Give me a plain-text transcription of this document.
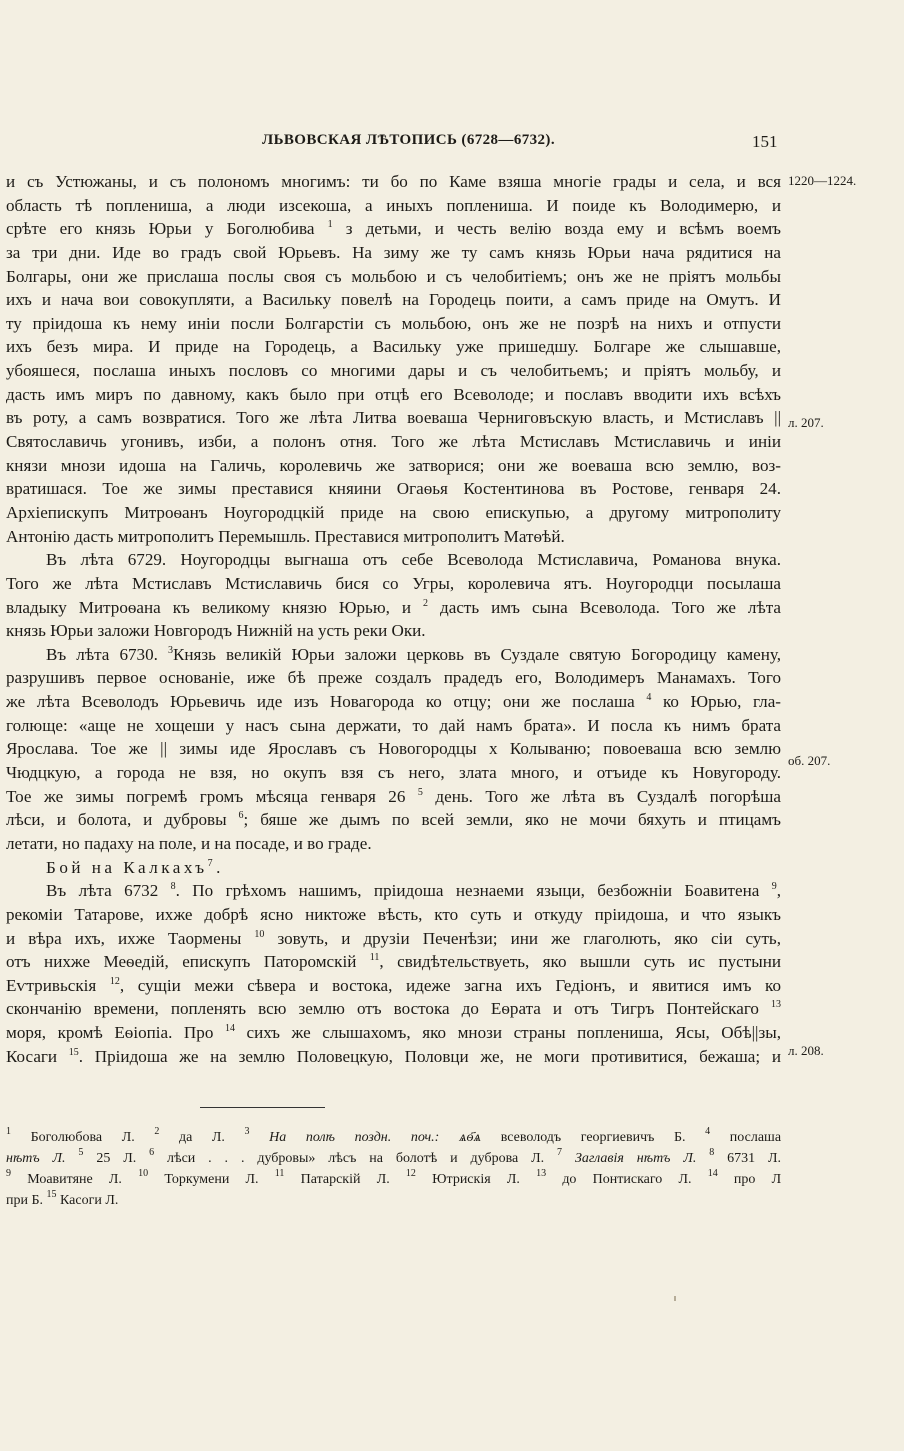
ЛЬВОВСКАЯ ЛѢТОПИСЬ (6728—6732).	151
1220—1224.
л. 207.
об. 207.
л. 208.
и съ Устюжаны, и съ полономъ многимъ: ти бо по Каме взяша многiе грады и села, и вся
область тѣ поплениша, а люди изсекоша, а иныхъ поплениша. И поиде къ Володимерю, и
срѣте его князь Юрьи у Боголюбива $^1$ з детьми, и честь велiю возда ему и всѣмъ воемъ
за три дни. Иде во градъ свой Юрьевъ. На зиму же ту самъ князь Юрьи нача рядитися на
Болгары, они же прислаша послы своя съ мольбою и съ челобитiемъ; онъ же не прiятъ мольбы
ихъ и нача вои совокупляти, а Васильку повелѣ на Городець поити, а самъ приде на Омутъ. И
ту прiидоша къ нему иніи посли Болгарстіи съ мольбою, онъ же не позрѣ на нихъ и отпусти
ихъ безъ мира. И приде на Городець, а Васильку уже пришедшу. Болгаре же слышавше,
убояшеся, послаша иныхъ пословъ со многими дары и съ челобитьемъ; и прiятъ мольбу, и
дасть имъ миръ по давному, какъ было при отцѣ его Всеволоде; и пославъ вводити ихъ всѣхъ
въ роту, а самъ возвратися. Того же лѣта Литва воеваша Черниговъскую власть, и Мстиславъ ||
Святославичь угонивъ, изби, а полонъ отня. Того же лѣта Мстиславъ Мстиславичь и иніи
князи мнози идоша на Галичь, королевичь же затворися; они же воеваша всю землю, воз-
вратишася. Тое же зимы преставися княини Огаѳья Костентинова въ Ростове, генваря 24.
Архiепискупъ Митроѳанъ Ноугородцкiй приде на свою епискупью, а другому митрополиту
Антонiю дасть митрополитъ Перемышль. Преставися митрополитъ Матѳѣй.
Въ лѣта 6729. Ноугородцы выгнаша отъ себе Всеволода Мстиславича, Романова внука.
Того же лѣта Мстиславъ Мстиславичь бися со Угры, королевича ятъ. Ноугородци посылаша
владыку Митроѳана къ великому князю Юрью, и $^2$ дасть имъ сына Всеволода. Того же лѣта
князь Юрьи заложи Новгородъ Нижнiй на усть реки Оки.
Въ лѣта 6730. $^3$Князь великiй Юрьи заложи церковь въ Суздале святую Богородицу камену,
разрушивъ первое основанiе, иже бѣ преже создалъ прадедъ его, Володимеръ Манамахъ. Того
же лѣта Всеволодъ Юрьевичь иде изъ Новагорода ко отцу; они же послаша $^4$ ко Юрью, гла-
голюще: «аще не хощеши у насъ сына держати, то дай намъ брата». И посла къ нимъ брата
Ярослава. Тое же || зимы иде Ярославъ съ Новогородцы х Колываню; повоеваша всю землю
Чюдцкую, а города не взя, но окупъ взя съ него, злата много, и отъиде къ Новугороду.
Тое же зимы погремѣ громъ мѣсяца генваря 26 $^5$ день. Того же лѣта въ Суздалѣ погорѣша
лѣси, и болота, и дубровы $^6$; бяше же дымъ по всей земли, яко не мочи бяхуть и птицамъ
летати, но падаху на поле, и на посаде, и во граде.
Бой на Калкахъ$^7$.
Въ лѣта 6732 $^8$. По грѣхомъ нашимъ, прiидоша незнаеми языци, безбожнiи Боавитена $^9$,
рекомiи Татарове, ихже добрѣ ясно никтоже вѣсть, кто суть и откуду прiидоша, и что языкъ
и вѣра ихъ, ихже Таормены $^{10}$ зовуть, и друзiи Печенѣзи; ини же глаголють, яко сiи суть,
отъ нихже Меѳедiй, епискупъ Патоpомскiй $^{11}$, свидѣтельствуеть, яко вышли суть ис пустыни
Еѵтривьскiя $^{12}$, сущiи межи сѣвера и востока, идеже загна ихъ Гедiонъ, и явитися имъ ко
скончанiю времени, попленять всю землю отъ востока до Еѳрата и отъ Тигръ Понтейскаго $^{13}$
моря, кромѣ Еѳiопiа. Про $^{14}$ сихъ же слышахомъ, яко мнози страны поплениша, Ясы, Обѣ||зы,
Косаги $^{15}$. Прiидоша же на землю Половецкую, Половци же, не моги противитися, бежаша; и
$^1$ Боголюбова Л. $^2$ да Л. $^3$ На полѣ поздн. поч.: ѧѳ҃ѧ всеволодъ георгиевичъ Б. $^4$ послаша
нѣтъ Л. $^5$ 25 Л. $^6$ лѣси . . . дубровы» лѣсъ на болотѣ и дуброва Л. $^7$ Заглавiя нѣтъ Л. $^8$ 6731 Л.
$^9$ Моавитяне Л. $^{10}$ Торкумени Л. $^{11}$ Патарскiй Л. $^{12}$ Ютрискiя Л. $^{13}$ до Понтискаго Л. $^{14}$ про Л
при Б. $^{15}$ Касоги Л.
